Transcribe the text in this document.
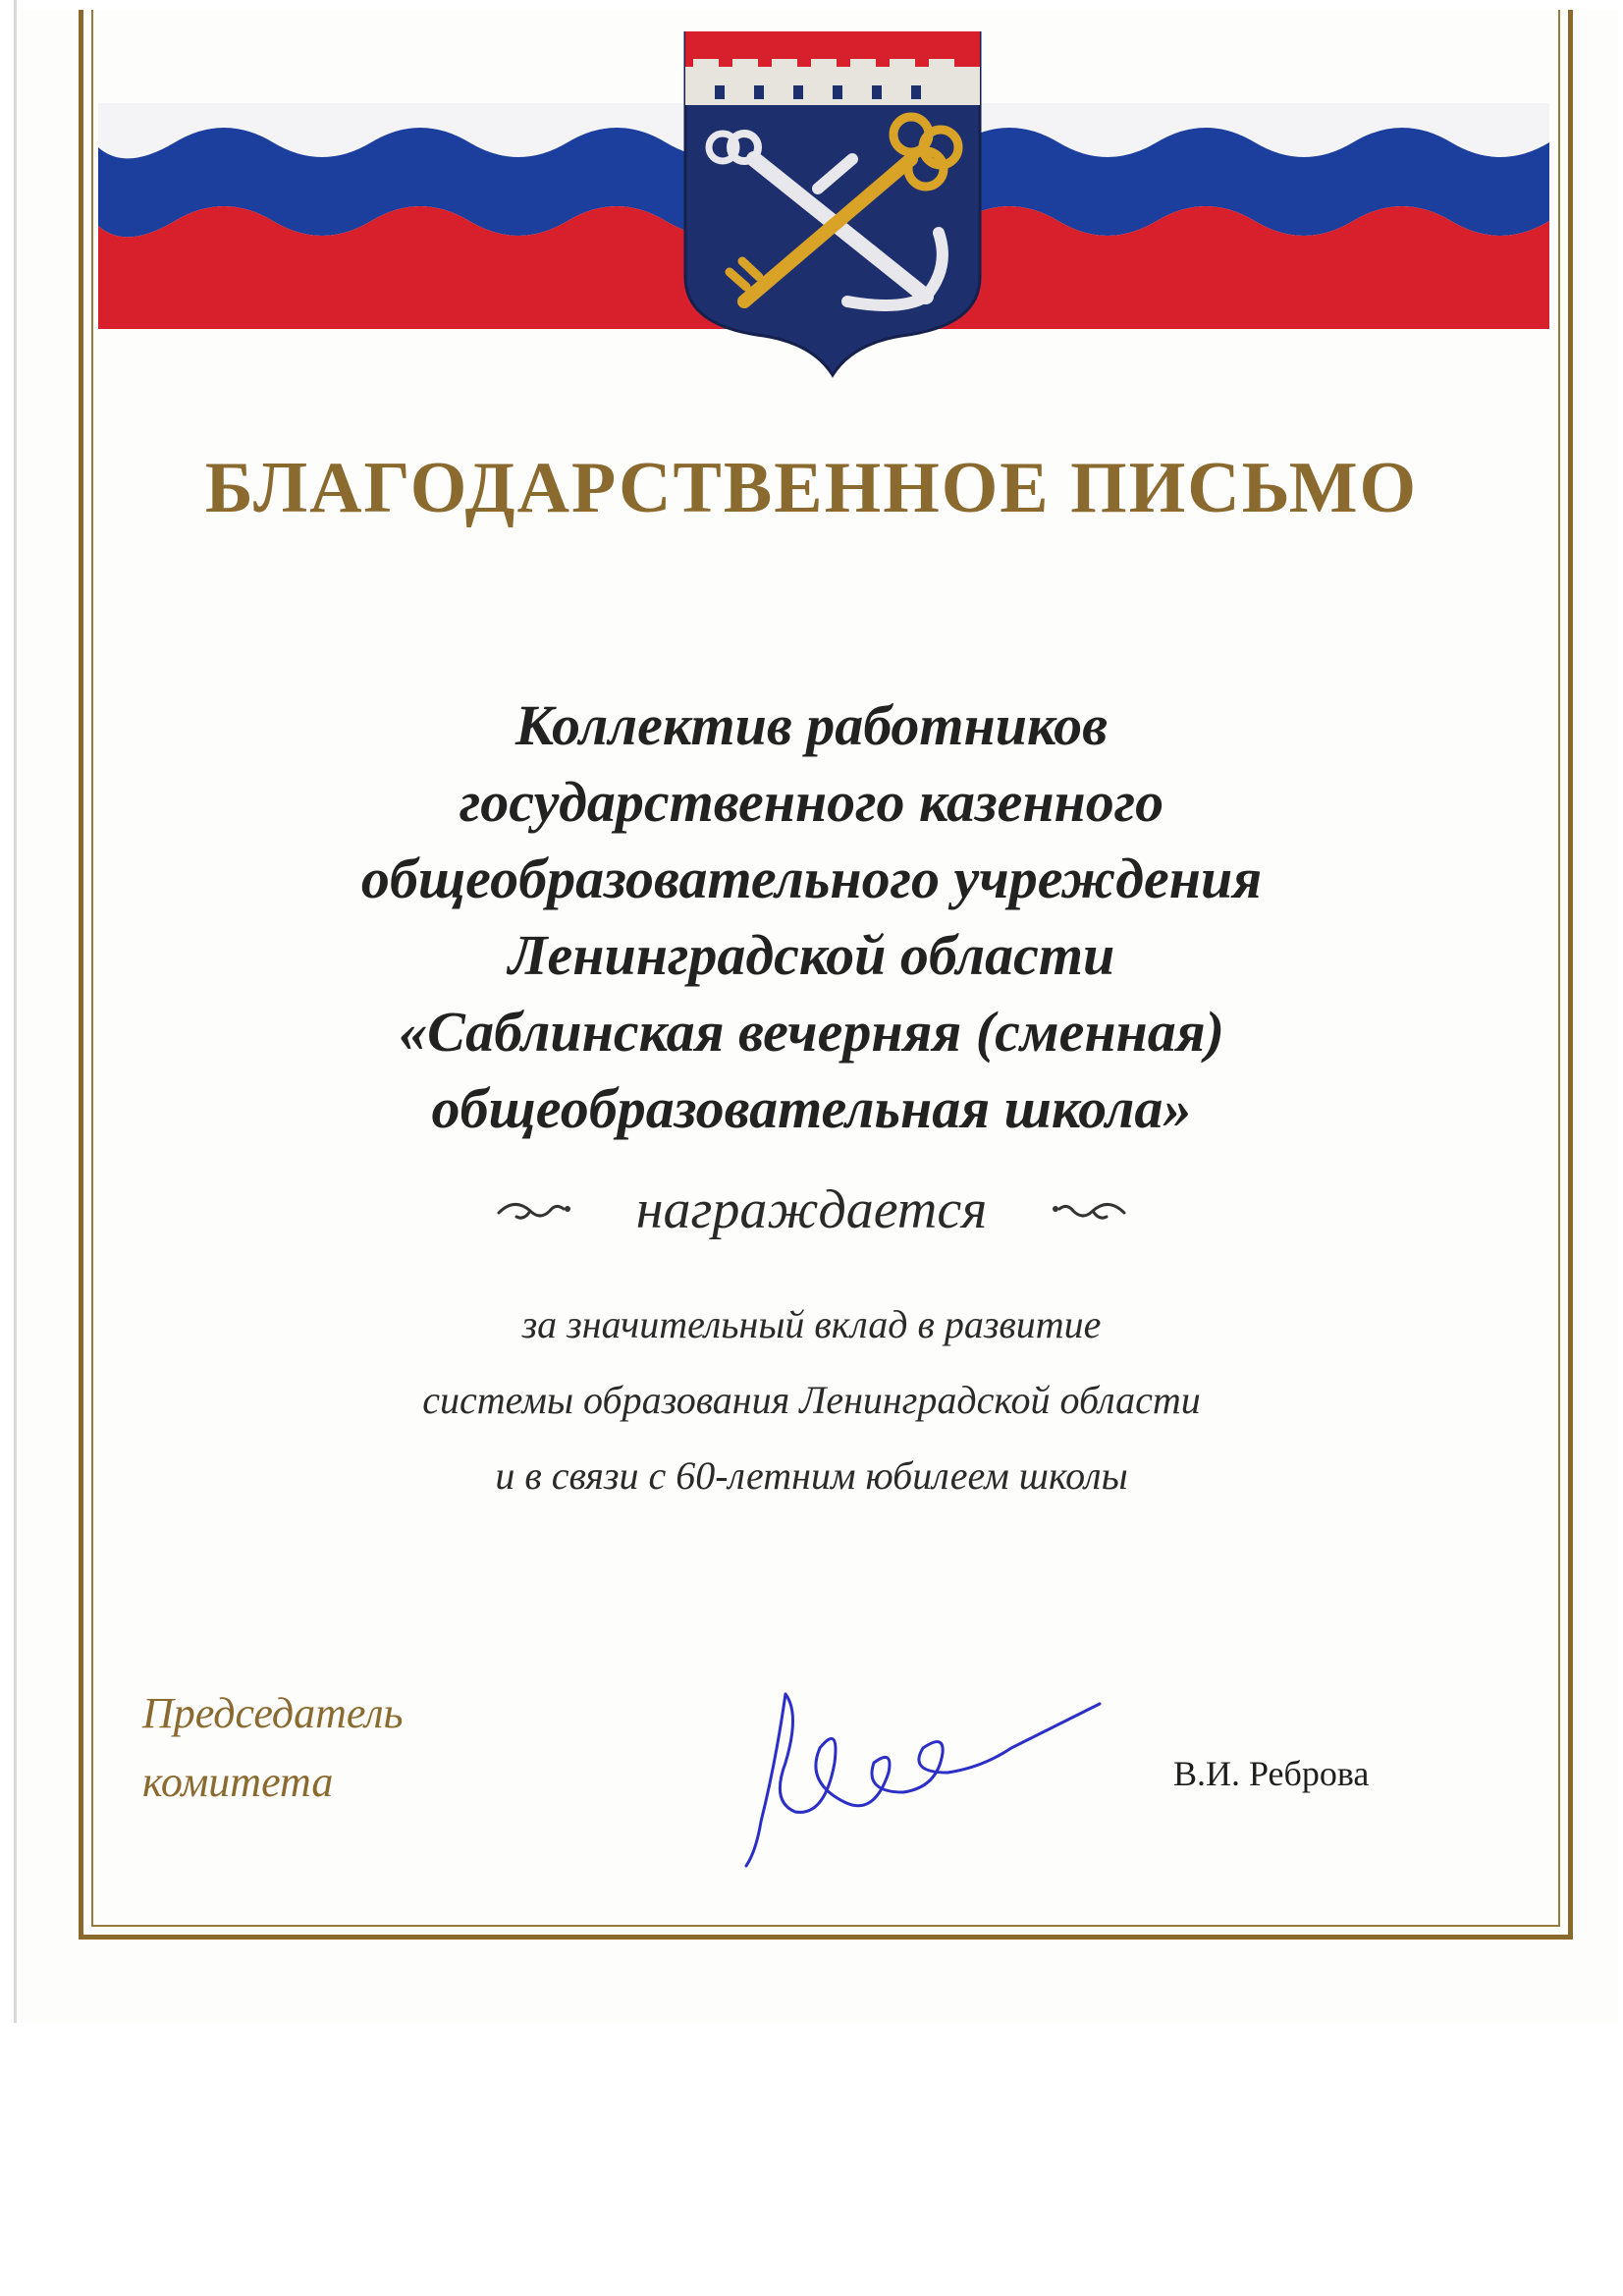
БЛАГОДАРСТВЕННОЕ ПИСЬМО
Коллектив работников
государственного казенного
общеобразовательного учреждения
Ленинградской области
«Саблинская вечерняя (сменная)
общеобразовательная школа»
награждается
за значительный вклад в развитие
системы образования Ленинградской области
и в связи с 60-летним юбилеем школы
Председатель
комитета	В.И. Реброва
